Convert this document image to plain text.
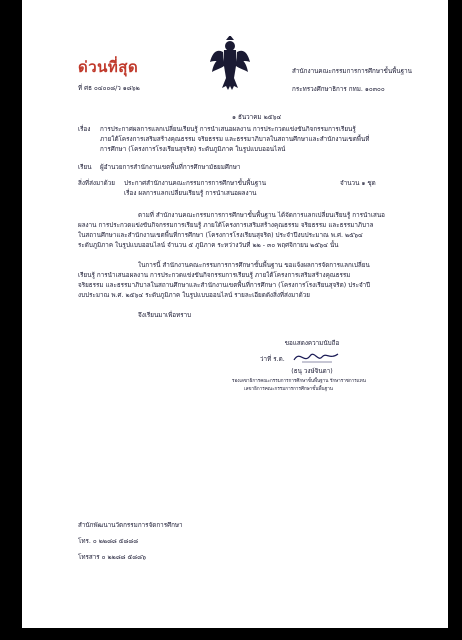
ด่วนที่สุด
ที่ ศธ ๐๔๐๐๘/ว ๑๘๖๒
สำนักงานคณะกรรมการการศึกษาขั้นพื้นฐาน
กระทรวงศึกษาธิการ กทม. ๑๐๓๐๐
๑ ธันวาคม ๒๕๖๔
เรื่อง การประกาศผลการแลกเปลี่ยนเรียนรู้ การนำเสนอผลงาน การประกวดแข่งขันกิจกรรมการเรียนรู้
ภายใต้โครงการเสริมสร้างคุณธรรม จริยธรรม และธรรมาภิบาลในสถานศึกษาและสำนักงานเขตพื้นที่
การศึกษา (โครงการโรงเรียนสุจริต) ระดับภูมิภาค ในรูปแบบออนไลน์
เรียน ผู้อำนวยการสำนักงานเขตพื้นที่การศึกษามัธยมศึกษา
สิ่งที่ส่งมาด้วย ประกาศสำนักงานคณะกรรมการการศึกษาขั้นพื้นฐาน	จำนวน ๑ ชุด
เรื่อง ผลการแลกเปลี่ยนเรียนรู้ การนำเสนอผลงาน
ตามที่ สำนักงานคณะกรรมการการศึกษาขั้นพื้นฐาน ได้จัดการแลกเปลี่ยนเรียนรู้ การนำเสนอ
ผลงาน การประกวดแข่งขันกิจกรรมการเรียนรู้ ภายใต้โครงการเสริมสร้างคุณธรรม จริยธรรม และธรรมาภิบาล
ในสถานศึกษาและสำนักงานเขตพื้นที่การศึกษา (โครงการโรงเรียนสุจริต) ประจำปีงบประมาณ พ.ศ. ๒๕๖๔
ระดับภูมิภาค ในรูปแบบออนไลน์ จำนวน ๕ ภูมิภาค ระหว่างวันที่ ๒๒ - ๓๐ พฤศจิกายน ๒๕๖๔ นั้น
ในการนี้ สำนักงานคณะกรรมการการศึกษาขั้นพื้นฐาน ขอแจ้งผลการจัดการแลกเปลี่ยน
เรียนรู้ การนำเสนอผลงาน การประกวดแข่งขันกิจกรรมการเรียนรู้ ภายใต้โครงการเสริมสร้างคุณธรรม
จริยธรรม และธรรมาภิบาลในสถานศึกษาและสำนักงานเขตพื้นที่การศึกษา (โครงการโรงเรียนสุจริต) ประจำปี
งบประมาณ พ.ศ. ๒๕๖๔ ระดับภูมิภาค ในรูปแบบออนไลน์ รายละเอียดดังสิ่งที่ส่งมาด้วย
จึงเรียนมาเพื่อทราบ
ขอแสดงความนับถือ
ว่าที่ ร.ต.
(ธนุ วงษ์จินดา)
รองเลขาธิการคณะกรรมการการศึกษาขั้นพื้นฐาน รักษาราชการแทน
เลขาธิการคณะกรรมการการศึกษาขั้นพื้นฐาน
สำนักพัฒนานวัตกรรมการจัดการศึกษา
โทร. ๐ ๒๒๘๘ ๕๘๘๘
โทรสาร ๐ ๒๒๘๘ ๕๘๘๖
